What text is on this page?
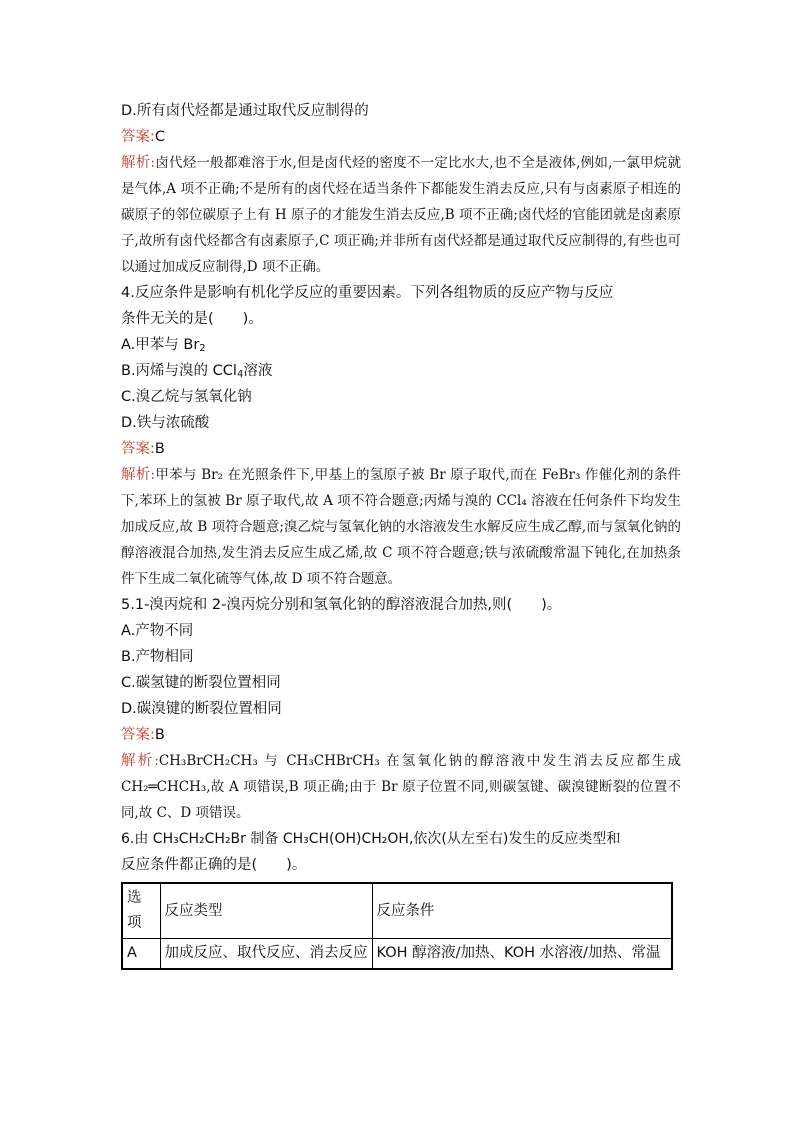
D.所有卤代烃都是通过取代反应制得的
答案:C
解析:卤代烃一般都难溶于水,但是卤代烃的密度不一定比水大,也不全是液体,例如,一氯甲烷就是气体,A 项不正确;不是所有的卤代烃在适当条件下都能发生消去反应,只有与卤素原子相连的碳原子的邻位碳原子上有 H 原子的才能发生消去反应,B 项不正确;卤代烃的官能团就是卤素原子,故所有卤代烃都含有卤素原子,C 项正确;并非所有卤代烃都是通过取代反应制得的,有些也可以通过加成反应制得,D 项不正确。
4.反应条件是影响有机化学反应的重要因素。下列各组物质的反应产物与反应
条件无关的是(　　)。
A.甲苯与 $Br_2$
B.丙烯与溴的 CCl$_4$溶液
C.溴乙烷与氢氧化钠
D.铁与浓硫酸
答案:B
解析:甲苯与 Br₂ 在光照条件下,甲基上的氢原子被 Br 原子取代,而在 FeBr₃ 作催化剂的条件下,苯环上的氢被 Br 原子取代,故 A 项不符合题意;丙烯与溴的 CCl₄ 溶液在任何条件下均发生加成反应,故 B 项符合题意;溴乙烷与氢氧化钠的水溶液发生水解反应生成乙醇,而与氢氧化钠的醇溶液混合加热,发生消去反应生成乙烯,故 C 项不符合题意;铁与浓硫酸常温下钝化,在加热条件下生成二氧化硫等气体,故 D 项不符合题意。
5.1-溴丙烷和 2-溴丙烷分别和氢氧化钠的醇溶液混合加热,则(　　)。
A.产物不同
B.产物相同
C.碳氢键的断裂位置相同
D.碳溴键的断裂位置相同
答案:B
解析:CH₃BrCH₂CH₃ 与 CH₃CHBrCH₃ 在氢氧化钠的醇溶液中发生消去反应都生成 CH₂═CHCH₃,故 A 项错误,B 项正确;由于 Br 原子位置不同,则碳氢键、碳溴键断裂的位置不同,故 C、D 项错误。
6.由 CH₃CH₂CH₂Br 制备 CH₃CH(OH)CH₂OH,依次(从左至右)发生的反应类型和
反应条件都正确的是(　　)。
选项	反应类型	反应条件
A	加成反应、取代反应、消去反应	KOH 醇溶液/加热、KOH 水溶液/加热、常温
